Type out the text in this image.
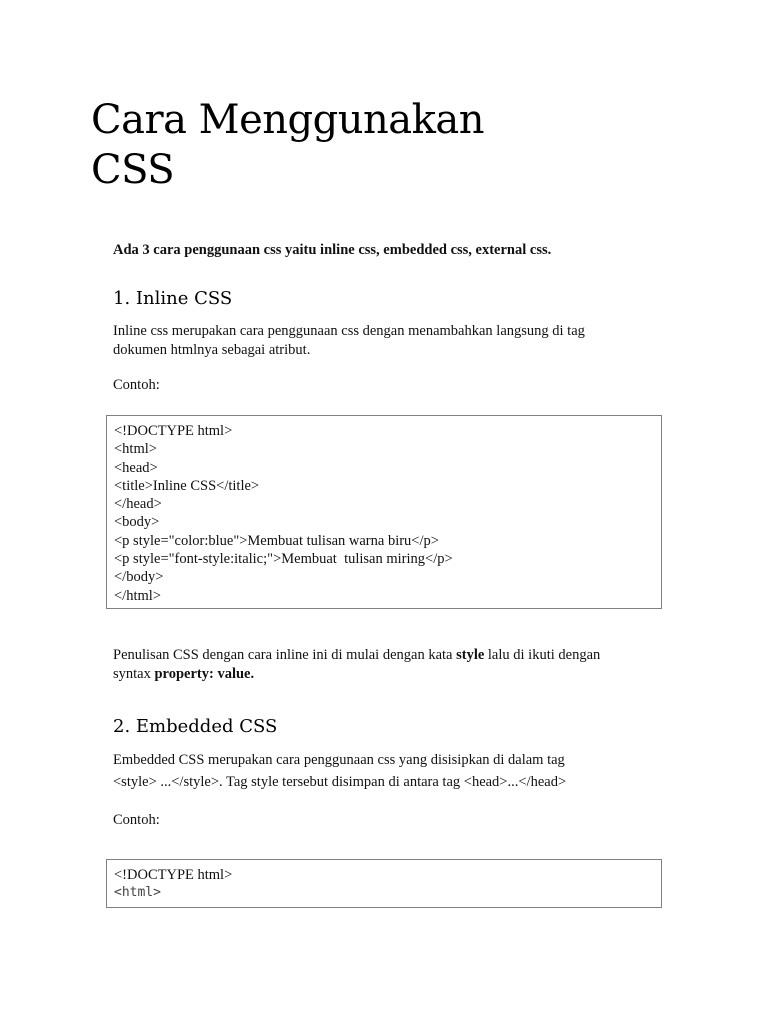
Cara Menggunakan
CSS

Ada 3 cara penggunaan css yaitu inline css, embedded css, external css.

1. Inline CSS

Inline css merupakan cara penggunaan css dengan menambahkan langsung di tag
dokumen htmlnya sebagai atribut.

Contoh:

<!DOCTYPE html>
<html>
<head>
<title>Inline CSS</title>
</head>
<body>
<p style="color:blue">Membuat tulisan warna biru</p>
<p style="font-style:italic;">Membuat  tulisan miring</p>
</body>
</html>

Penulisan CSS dengan cara inline ini di mulai dengan kata style lalu di ikuti dengan
syntax property: value.

2. Embedded CSS

Embedded CSS merupakan cara penggunaan css yang disisipkan di dalam tag
<style> ...</style>. Tag style tersebut disimpan di antara tag <head>...</head>

Contoh:

<!DOCTYPE html>
<html>
